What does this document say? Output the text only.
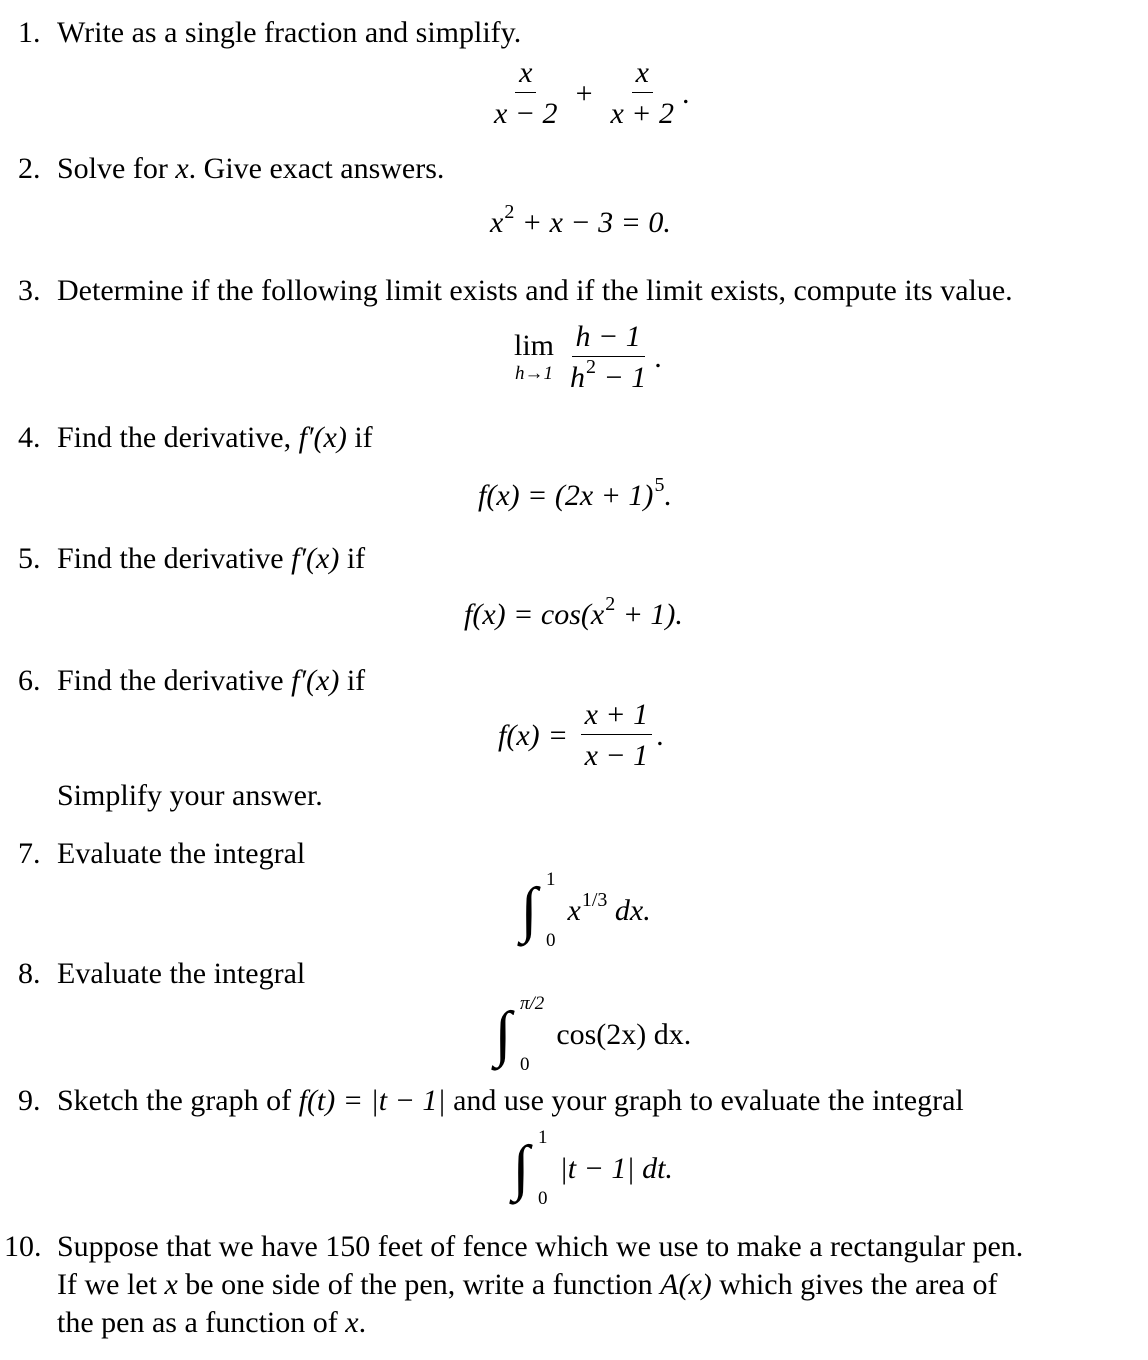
1. Write as a single fraction and simplify.
$\frac{x}{x - 2} + \frac{x}{x + 2}$ .
2. Solve for x. Give exact answers.
$x^2 + x - 3 = 0$.
3. Determine if the following limit exists and if the limit exists, compute its value.
lim
$h\to 1 \frac{h - 1}{h^2 - 1}$ .
4. Find the derivative, f′(x) if
$f(x) = (2x + 1)^5$.
5. Find the derivative f′(x) if
$f(x) = \cos(x^2 + 1)$.
6. Find the derivative f′(x) if
$f(x) = \frac{x + 1}{x - 1}$ .
Simplify your answer.
7. Evaluate the integral
∫ 1
0
$x^{1/3}$ dx.
8. Evaluate the integral
∫ π/2
0
cos(2x) dx.
9. Sketch the graph of f(t) = |t − 1| and use your graph to evaluate the integral
∫ 1
0
|t − 1| dt.
10. Suppose that we have 150 feet of fence which we use to make a rectangular pen.
If we let x be one side of the pen, write a function A(x) which gives the area of
the pen as a function of x.
